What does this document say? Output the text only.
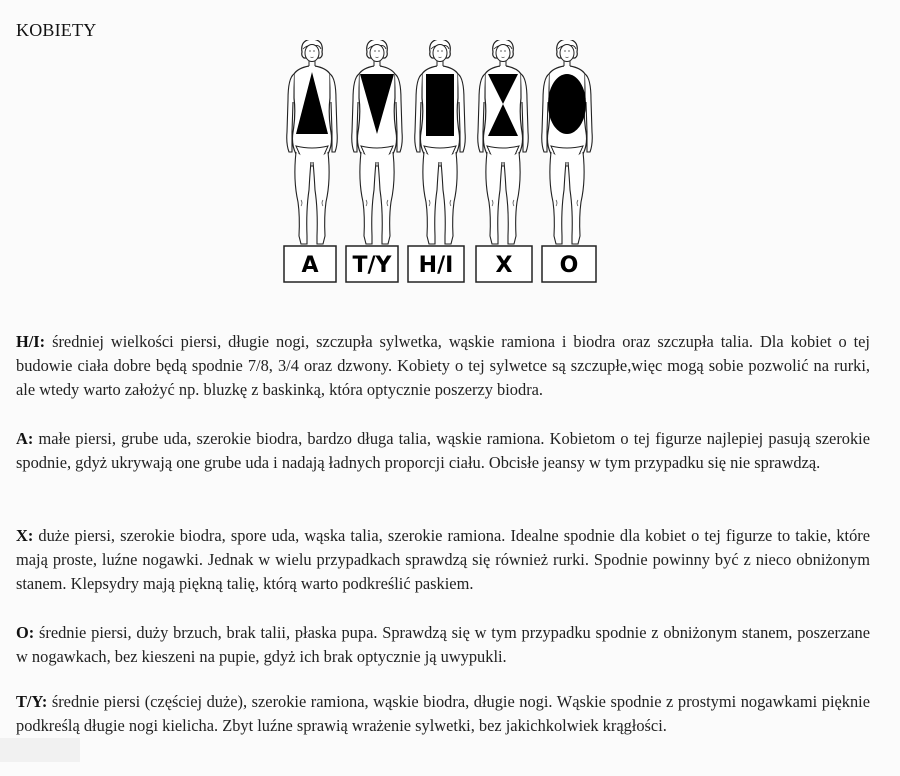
KOBIETY
A T/Y H/I X O

H/I: średniej wielkości piersi, długie nogi, szczupła sylwetka, wąskie ramiona i biodra oraz szczupła talia. Dla kobiet o tej budowie ciała dobre będą spodnie 7/8, 3/4 oraz dzwony. Kobiety o tej sylwetce są szczupłe,więc mogą sobie pozwolić na rurki, ale wtedy warto założyć np. bluzkę z baskinką, która optycznie poszerzy biodra.

A: małe piersi, grube uda, szerokie biodra, bardzo długa talia, wąskie ramiona. Kobietom o tej figurze najlepiej pasują szerokie spodnie, gdyż ukrywają one grube uda i nadają ładnych proporcji ciału. Obcisłe jeansy w tym przypadku się nie sprawdzą.

X: duże piersi, szerokie biodra, spore uda, wąska talia, szerokie ramiona. Idealne spodnie dla kobiet o tej figurze to takie, które mają proste, luźne nogawki. Jednak w wielu przypadkach sprawdzą się również rurki. Spodnie powinny być z nieco obniżonym stanem. Klepsydry mają piękną talię, którą warto podkreślić paskiem.

O: średnie piersi, duży brzuch, brak talii, płaska pupa. Sprawdzą się w tym przypadku spodnie z obniżonym stanem, poszerzane w nogawkach, bez kieszeni na pupie, gdyż ich brak optycznie ją uwypukli.

T/Y: średnie piersi (częściej duże), szerokie ramiona, wąskie biodra, długie nogi. Wąskie spodnie z prostymi nogawkami pięknie podkreślą długie nogi kielicha. Zbyt luźne sprawią wrażenie sylwetki, bez jakichkolwiek krągłości.
